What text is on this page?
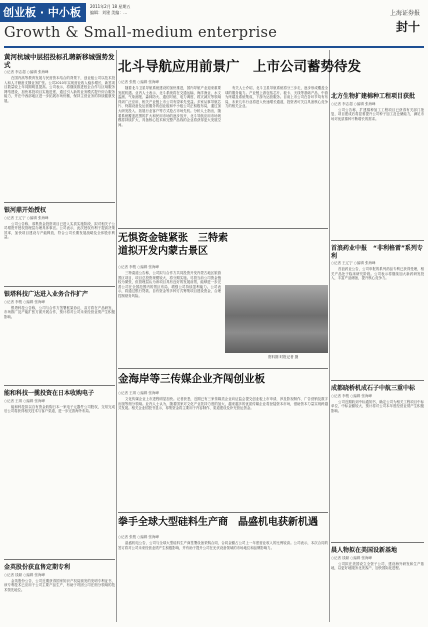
创业板 · 中小板 2011年2月 18 星期五
编辑：刘建 美编：…
Growth & Small-medium enterprise
上海证券报
封十
黄河杭城中层招投标孔聘新移城强势发式
○记者 李志超 ○编辑 张海峰
在国内高等教育发展与民营资本结合的背景下，创业板公司以技术投入和人才储备支撑业务扩张。公司2010年实现营业收入稳步增长，新签项目数量较上年同期明显提高。公司表示，将继续推进校企合作与区域服务网络建设，加快募投项目实施进度，通过引入新的业务模式提升综合服务能力，并在中西部地区进一步拓展市场份额，保持主营业务的持续健康发展。
银河鼎开始授权
○记者 王辽宁 ○编辑 张海峰
公司公告称，募集资金投资项目已进入实质实施阶段，拟对相关子公司增资并授权管理层办理具体事宜。公司表示，此次授权有利于提高决策效率，加快项目建设与产能释放，符合公司长期发展战略及全体股东利益。
银塔科技广达进入业务合作扩产
○记者 李骏 ○编辑 张海峰
银塔科技公告称，公司与合作方签署框架协议，双方将在产品研发、市场推广及产能扩张方面开展合作，预计将对公司未来经营业绩产生积极影响。
能和科技一揽投资在日本收购电子
○记者 王琪 ○编辑 张海峰
能和科技拟以自有资金收购日本一家电子元器件公司股权，交易完成后公司将获得相关技术与客户渠道，进一步完善海外布局。
金英股份获直售定期专利
○记者 钱颖 ○编辑 张海峰
金英股份公告，公司近期获得国家知识产权局颁发的发明专利证书，该专利技术已应用于公司主要产品生产，有助于巩固公司在细分领域的技术领先地位。
北斗导航应用前景广　上市公司蓄势待发
○记者 张骏 ○编辑 张海峰
随着北斗卫星导航系统建设的加快推进，国内导航产业迎来重要发展机遇。业内人士表示，北斗系统将在交通运输、海洋渔业、水文监测、气象测报、森林防火、通信时统、电力调度、救灾减灾等领域得到广泛应用，相关产业链上市公司有望率先受益。多家从事导航芯片、终端设备及运营服务的创业板和中小板公司正积极布局，通过加大研发投入、拓展行业客户等方式抢占市场先机。分析人士指出，随着系统覆盖范围的扩大和民用市场的逐步放开，北斗导航应用市场规模将持续扩大，具备核心技术和完整产品线的企业将获得更大发展空间。
有关人士介绍，北斗卫星导航系统将分三步走，逐步形成覆盖全球的服务能力。产业链上游包括芯片、板卡、天线等基础产品，中游为终端及系统集成，下游为运营服务。目前上市公司在各环节均有布局，未来几年行业将进入快速增长通道，投资者可关注具备核心竞争力的相关企业。
无惧资金链紧张　三特索道拟开发内蒙古景区
○记者 李骏 ○编辑 张海峰
三特索道公告称，公司拟与合作方共同投资开发内蒙古地区旅游景区项目，项目总投资规模较大，将分期实施。尽管当前公司资金链较为紧张，但管理层认为该项目具有良好的发展前景，能够进一步完善公司在全国范围内的景区布局，增强公司持续盈利能力。公司表示，将通过银行贷款、自有资金等多种方式筹集项目建设资金，合理控制财务风险。
资料图 时报记者 摄
金海岸等三传媒企业齐闯创业板
○记者 王琪 ○编辑 张海峰
文化传媒企业上市进程明显加快。记者获悉，近期已有三家传媒类企业向证监会提交创业板上市申请，涉及影视制作、广告营销及数字出版等细分领域。业内人士认为，随着国家对文化产业扶持力度的加大，越来越多的优质传媒企业将登陆资本市场，借助资本力量实现跨越式发展。相关企业招股书显示，募集资金将主要用于内容制作、渠道建设及补充营运资金。
拳手全球大型硅料生产商　晶盛机电获新机遇
○记者 张骏 ○编辑 张海峰
晶盛机电公告，公司与全球大型硅料生产商签署设备采购合同，合同金额占公司上一年度营业收入的比例较高。公司表示，本次合同的签订将对公司未来经营业绩产生积极影响，并有助于提升公司在光伏设备领域的市场地位和品牌影响力。
北方生物扩建棉种工程项目获批
○记者 李志超 ○编辑 张海峰
公司公告称，扩建棉种加工工程项目已获得有关部门批复，项目建成后将显著提升公司种子加工及仓储能力，满足市场对优质棉种不断增长的需求。
首浪药业中报　“非利格雷”系列专利
○记者 王辽宁 ○编辑 张海峰
首浪药业公告，公司申报的系列药品专利已获得受理，相关产品处于临床研究阶段。公司表示将继续加大新药研发投入，丰富产品储备，提升核心竞争力。
成都晓桥机成石子中航三重中标
○记者 李骏 ○编辑 张海峰
公司近期收到中标通知书，确定公司为相关工程项目中标单位，中标金额较大，预计将对公司本年度经营业绩产生积极影响。
晨人物拟在美国设新基地
○记者 钱颖 ○编辑 张海峰
公司拟在美国设立全资子公司，建设海外研发和生产基地，以更好地服务北美客户，加快国际化进程。
